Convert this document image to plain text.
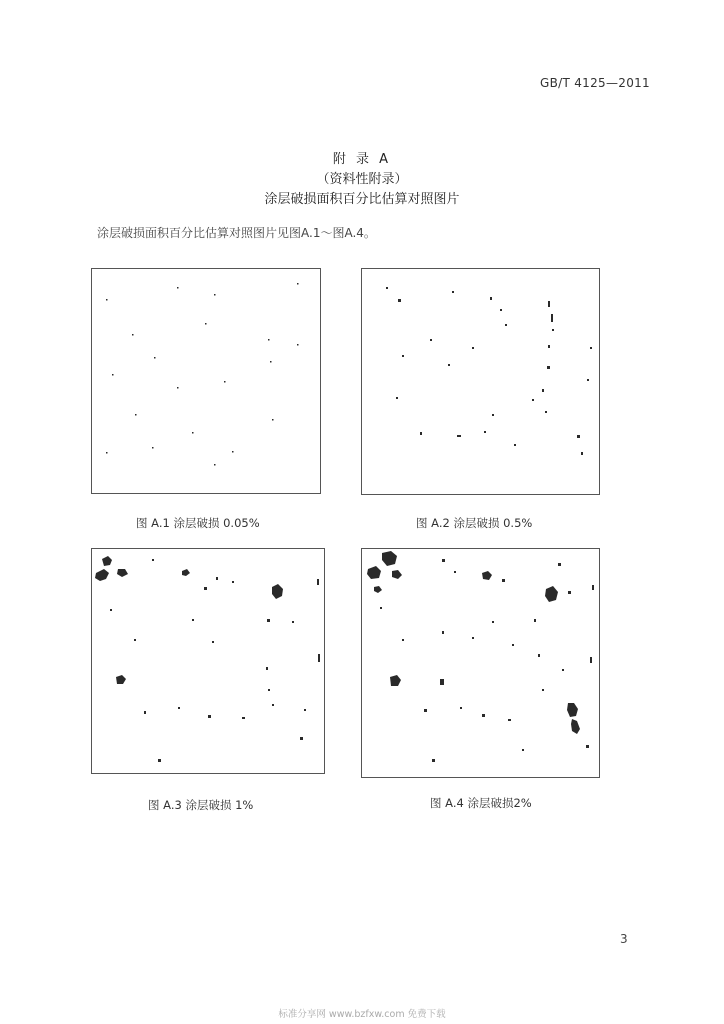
GB/T 4125—2011
附 录 A
（资料性附录）
涂层破损面积百分比估算对照图片
涂层破损面积百分比估算对照图片见图A.1～图A.4。
图 A.1 涂层破损 0.05%	图 A.2 涂层破损 0.5%
图 A.3 涂层破损 1%	图 A.4 涂层破损2%
3
标准分享网 www.bzfxw.com 免费下载
